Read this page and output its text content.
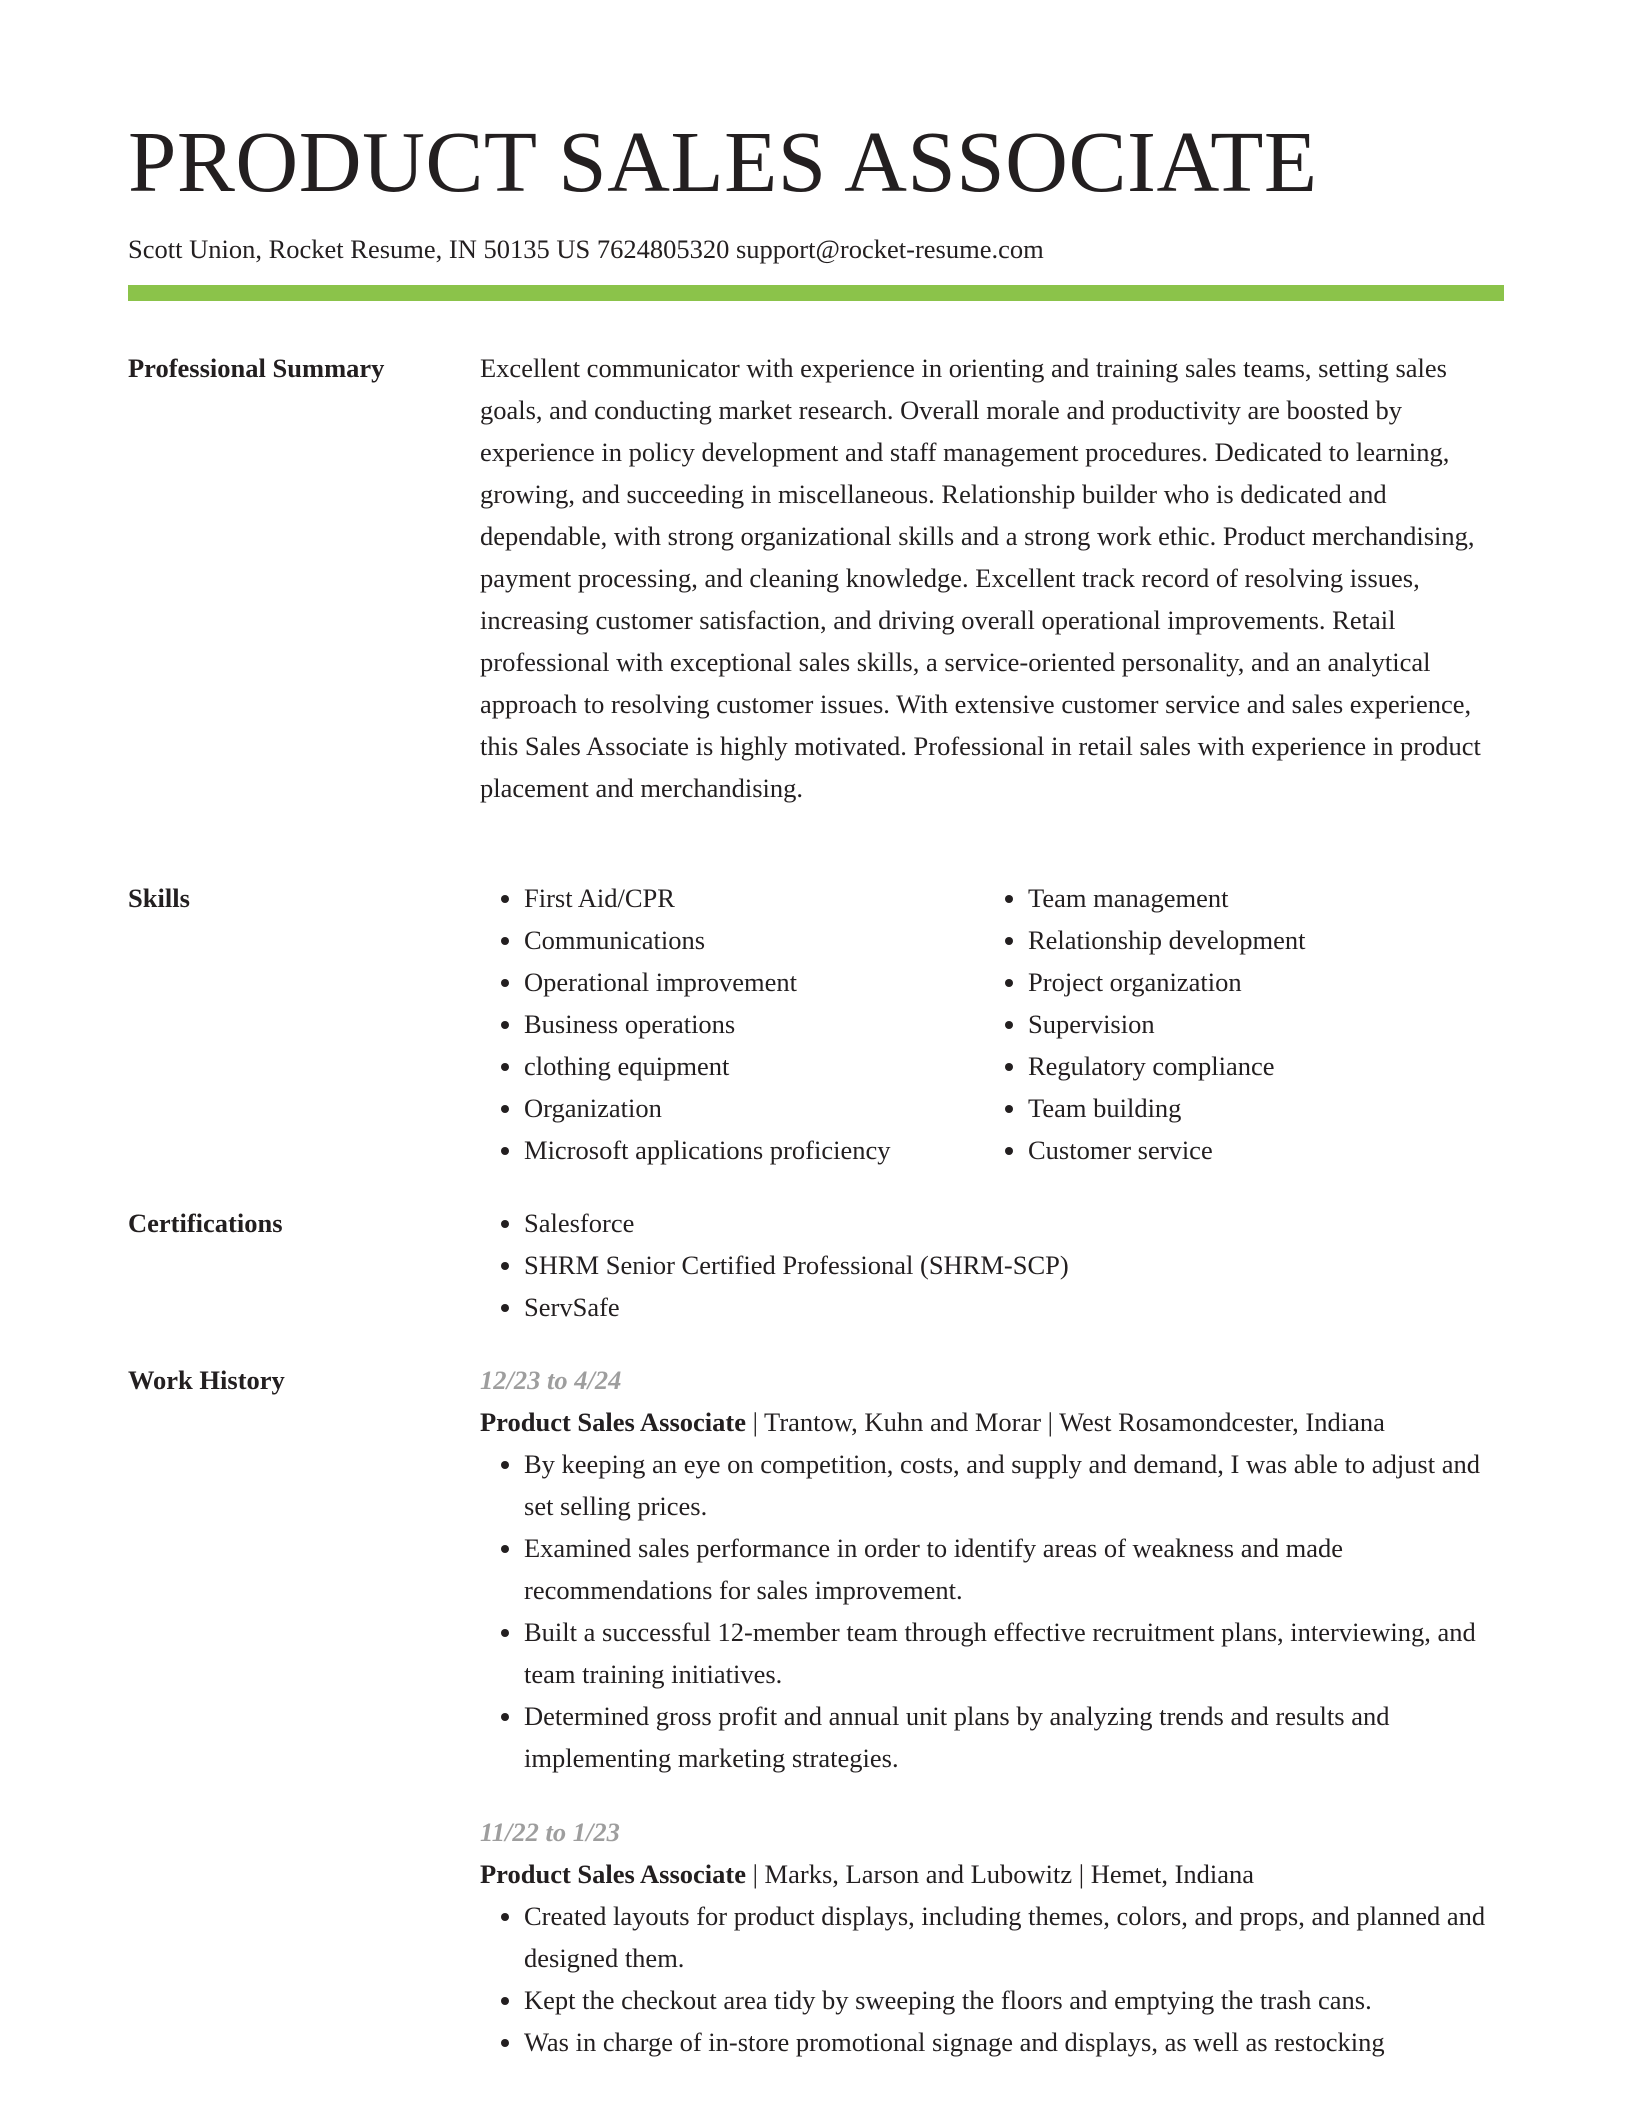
PRODUCT SALES ASSOCIATE
Scott Union, Rocket Resume, IN 50135 US 7624805320 support@rocket-resume.com
Professional Summary	Excellent communicator with experience in orienting and training sales teams, setting sales goals, and conducting market research. Overall morale and productivity are boosted by experience in policy development and staff management procedures. Dedicated to learning, growing, and succeeding in miscellaneous. Relationship builder who is dedicated and dependable, with strong organizational skills and a strong work ethic. Product merchandising, payment processing, and cleaning knowledge. Excellent track record of resolving issues, increasing customer satisfaction, and driving overall operational improvements. Retail professional with exceptional sales skills, a service-oriented personality, and an analytical approach to resolving customer issues. With extensive customer service and sales experience, this Sales Associate is highly motivated. Professional in retail sales with experience in product placement and merchandising.

Skills	• First Aid/CPR
• Communications
• Operational improvement
• Business operations
• clothing equipment
• Organization
• Microsoft applications proficiency
• Team management
• Relationship development
• Project organization
• Supervision
• Regulatory compliance
• Team building
• Customer service
Certifications	• Salesforce
• SHRM Senior Certified Professional (SHRM-SCP)
• ServSafe
Work History	12/23 to 4/24
Product Sales Associate | Trantow, Kuhn and Morar | West Rosamondcester, Indiana
• By keeping an eye on competition, costs, and supply and demand, I was able to adjust and set selling prices.
• Examined sales performance in order to identify areas of weakness and made recommendations for sales improvement.
• Built a successful 12-member team through effective recruitment plans, interviewing, and team training initiatives.
• Determined gross profit and annual unit plans by analyzing trends and results and implementing marketing strategies.
11/22 to 1/23
Product Sales Associate | Marks, Larson and Lubowitz | Hemet, Indiana
• Created layouts for product displays, including themes, colors, and props, and planned and designed them.
• Kept the checkout area tidy by sweeping the floors and emptying the trash cans.
• Was in charge of in-store promotional signage and displays, as well as restocking
